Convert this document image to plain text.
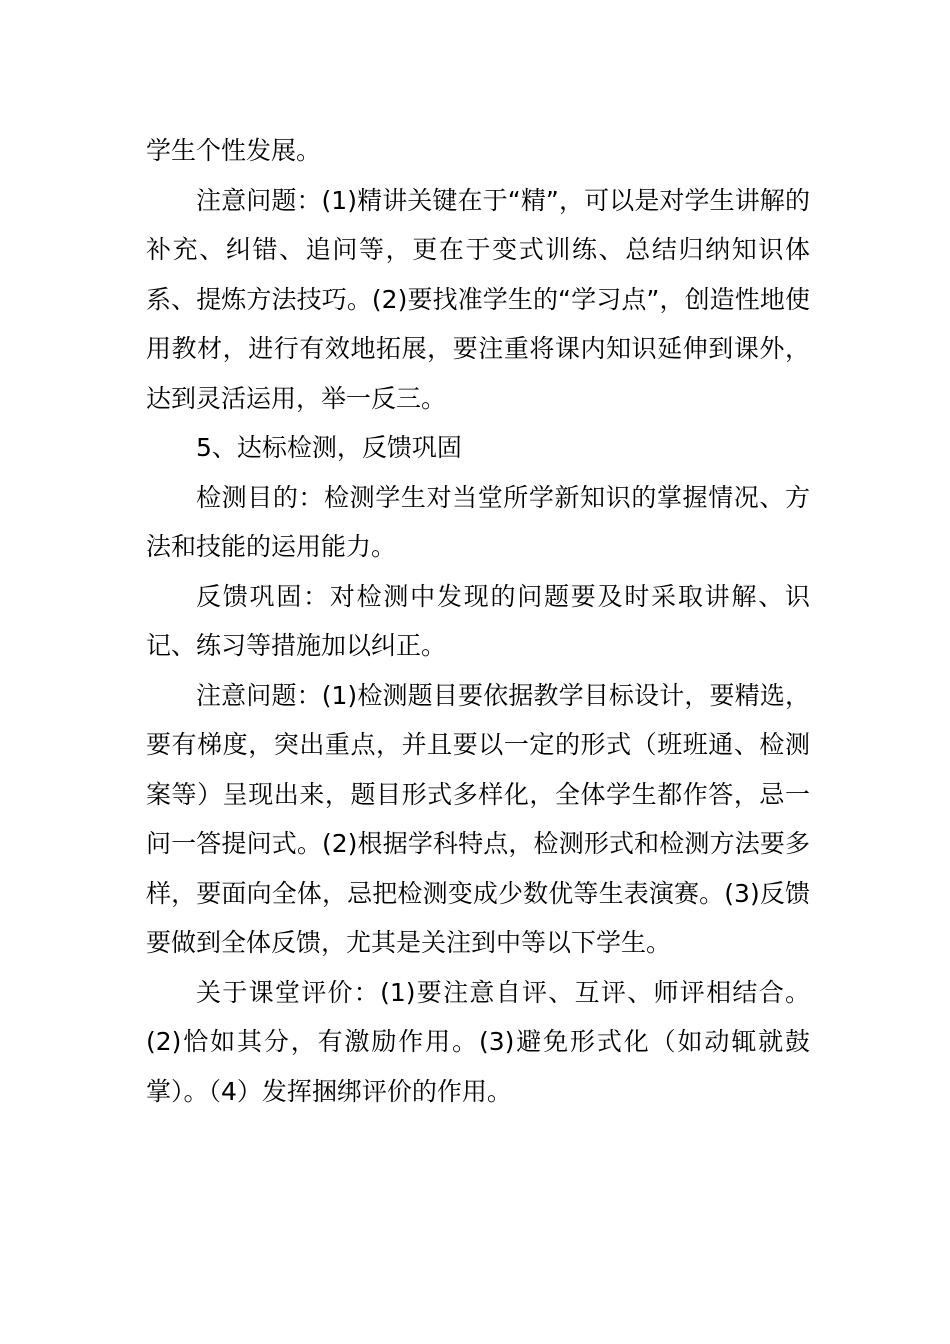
学生个性发展。

注意问题：(1)精讲关键在于“精”，可以是对学生讲解的补充、纠错、追问等，更在于变式训练、总结归纳知识体系、提炼方法技巧。(2)要找准学生的“学习点”，创造性地使用教材，进行有效地拓展，要注重将课内知识延伸到课外，达到灵活运用，举一反三。

5、达标检测，反馈巩固

检测目的：检测学生对当堂所学新知识的掌握情况、方法和技能的运用能力。

反馈巩固：对检测中发现的问题要及时采取讲解、识记、练习等措施加以纠正。

注意问题：(1)检测题目要依据教学目标设计，要精选，要有梯度，突出重点，并且要以一定的形式（班班通、检测案等）呈现出来，题目形式多样化，全体学生都作答，忌一问一答提问式。(2)根据学科特点，检测形式和检测方法要多样，要面向全体，忌把检测变成少数优等生表演赛。(3)反馈要做到全体反馈，尤其是关注到中等以下学生。

关于课堂评价：(1)要注意自评、互评、师评相结合。(2)恰如其分，有激励作用。(3)避免形式化（如动辄就鼓掌）。（4）发挥捆绑评价的作用。
